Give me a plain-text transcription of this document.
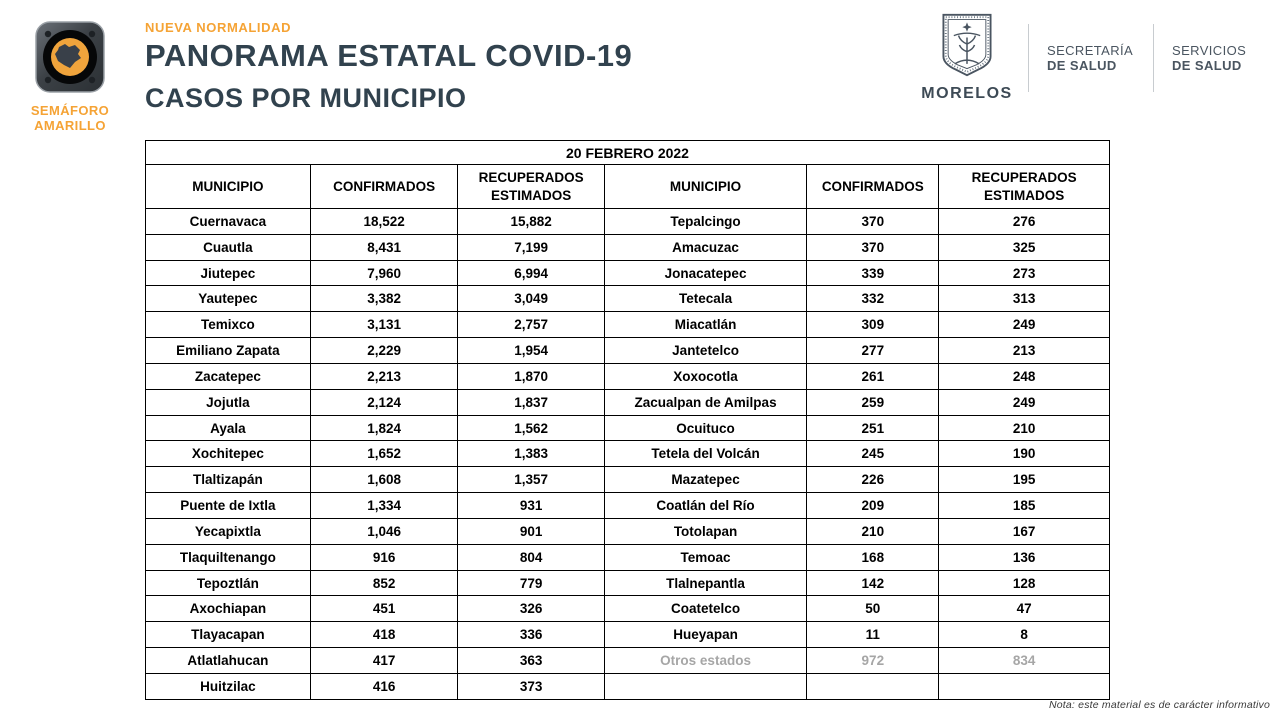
SEMÁFORO
AMARILLO
NUEVA NORMALIDAD
PANORAMA ESTATAL COVID-19
CASOS POR MUNICIPIO	MORELOS
SECRETARÍA
DE SALUD
SERVICIOS
DE SALUD
20 FEBRERO 2022					
MUNICIPIO	CONFIRMADOS	RECUPERADOS ESTIMADOS	MUNICIPIO	CONFIRMADOS	RECUPERADOS ESTIMADOS
Cuernavaca	18,522	15,882	Tepalcingo	370	276
Cuautla	8,431	7,199	Amacuzac	370	325
Jiutepec	7,960	6,994	Jonacatepec	339	273
Yautepec	3,382	3,049	Tetecala	332	313
Temixco	3,131	2,757	Miacatlán	309	249
Emiliano Zapata	2,229	1,954	Jantetelco	277	213
Zacatepec	2,213	1,870	Xoxocotla	261	248
Jojutla	2,124	1,837	Zacualpan de Amilpas	259	249
Ayala	1,824	1,562	Ocuituco	251	210
Xochitepec	1,652	1,383	Tetela del Volcán	245	190
Tlaltizapán	1,608	1,357	Mazatepec	226	195
Puente de Ixtla	1,334	931	Coatlán del Río	209	185
Yecapixtla	1,046	901	Totolapan	210	167
Tlaquiltenango	916	804	Temoac	168	136
Tepoztlán	852	779	Tlalnepantla	142	128
Axochiapan	451	326	Coatetelco	50	47
Tlayacapan	418	336	Hueyapan	11	8
Atlatlahucan	417	363	Otros estados	972	834
Huitzilac	416	373			
Nota: este material es de carácter informativo
